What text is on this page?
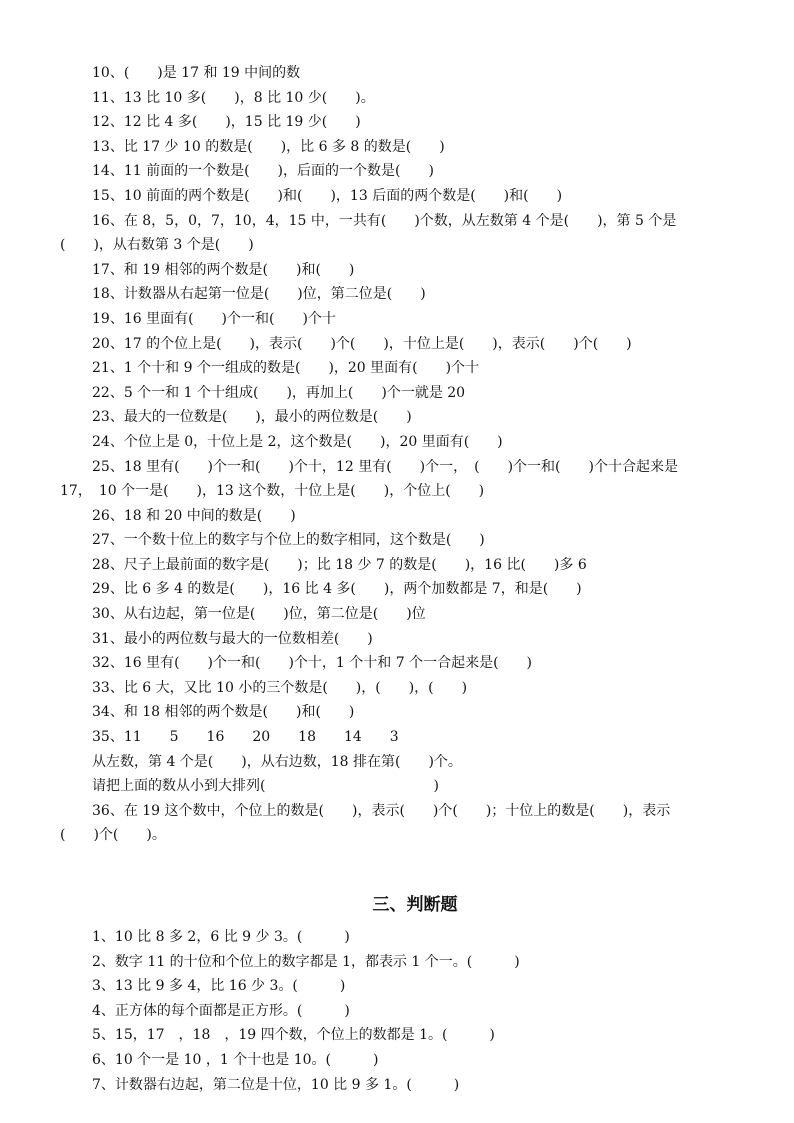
10、(　　)是 17 和 19 中间的数
11、13 比 10 多(　　)，8 比 10 少(　　)。
12、12 比 4 多(　　)，15 比 19 少(　　)
13、比 17 少 10 的数是(　　)，比 6 多 8 的数是(　　)
14、11 前面的一个数是(　　)，后面的一个数是(　　)
15、10 前面的两个数是(　　)和(　　)，13 后面的两个数是(　　)和(　　)
16、在 8，5，0，7，10，4，15 中，一共有(　　)个数，从左数第 4 个是(　　)，第 5 个是
(　　)，从右数第 3 个是(　　)
17、和 19 相邻的两个数是(　　)和(　　)
18、计数器从右起第一位是(　　)位，第二位是(　　)
19、16 里面有(　　)个一和(　　)个十
20、17 的个位上是(　　)，表示(　　)个(　　)，十位上是(　　)，表示(　　)个(　　)
21、1 个十和 9 个一组成的数是(　　)，20 里面有(　　)个十
22、5 个一和 1 个十组成(　　)，再加上(　　)个一就是 20
23、最大的一位数是(　　)，最小的两位数是(　　)
24、个位上是 0，十位上是 2，这个数是(　　)，20 里面有(　　)
25、18 里有(　　)个一和(　　)个十，12 里有(　　)个一，　(　　)个一和(　　)个十合起来是
17，　10 个一是(　　)，13 这个数，十位上是(　　)，个位上(　　)
26、18 和 20 中间的数是(　　)
27、一个数十位上的数字与个位上的数字相同，这个数是(　　)
28、尺子上最前面的数字是(　　)；比 18 少 7 的数是(　　)，16 比(　　)多 6
29、比 6 多 4 的数是(　　)，16 比 4 多(　　)，两个加数都是 7，和是(　　)
30、从右边起，第一位是(　　)位，第二位是(　　)位
31、最小的两位数与最大的一位数相差(　　)
32、16 里有(　　)个一和(　　)个十，1 个十和 7 个一合起来是(　　)
33、比 6 大，又比 10 小的三个数是(　　)，(　　)，(　　)
34、和 18 相邻的两个数是(　　)和(　　)
35、11　　5　　16　　20　　18　　14　　3
从左数，第 4 个是(　　)，从右边数，18 排在第(　　)个。
请把上面的数从小到大排列(　　　　　　　　　　　　)
36、在 19 这个数中，个位上的数是(　　)，表示(　　)个(　　)；十位上的数是(　　)，表示
(　　)个(　　)。
三、判断题
1、10 比 8 多 2，6 比 9 少 3。(　　　)
2、数字 11 的十位和个位上的数字都是 1，都表示 1 个一。(　　　)
3、13 比 9 多 4，比 16 少 3。(　　　)
4、正方体的每个面都是正方形。(　　　)
5、15，17　，18　，19 四个数，个位上的数都是 1。(　　　)
6、10 个一是 10 ，1 个十也是 10。(　　　)
7、计数器右边起，第二位是十位，10 比 9 多 1。(　　　)
